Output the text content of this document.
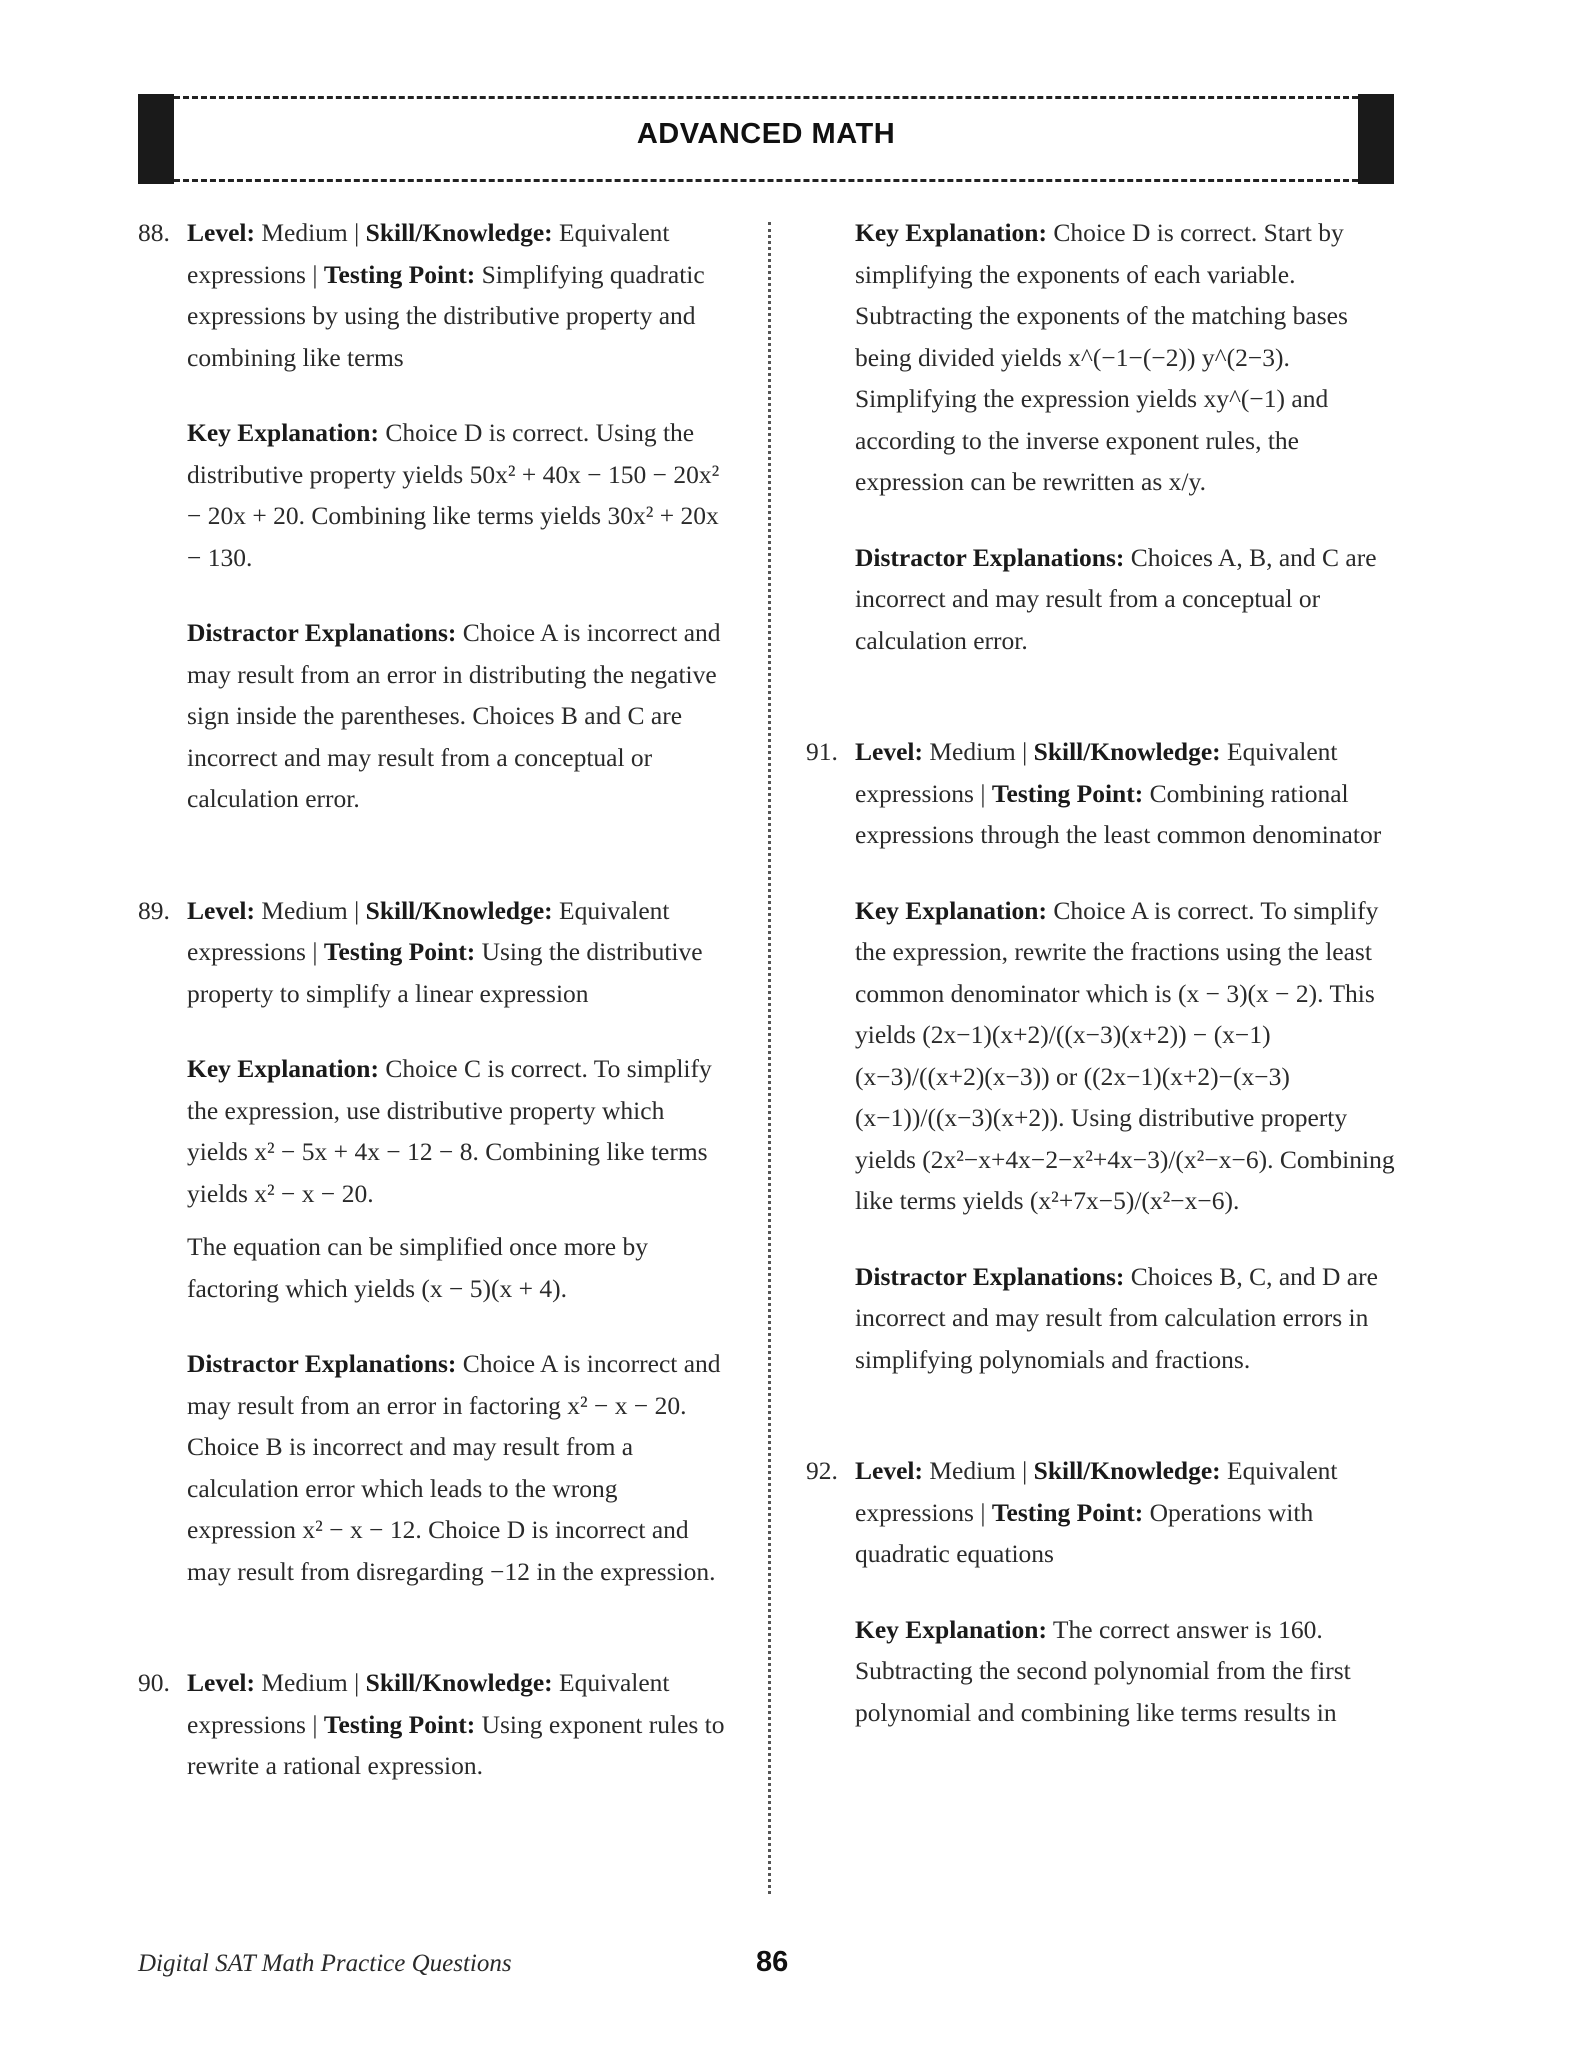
ADVANCED MATH
88. Level: Medium | Skill/Knowledge: Equivalent expressions | Testing Point: Simplifying quadratic expressions by using the distributive property and combining like terms

Key Explanation: Choice D is correct. Using the distributive property yields 50x² + 40x − 150 − 20x² − 20x + 20. Combining like terms yields 30x² + 20x − 130.

Distractor Explanations: Choice A is incorrect and may result from an error in distributing the negative sign inside the parentheses. Choices B and C are incorrect and may result from a conceptual or calculation error.

89. Level: Medium | Skill/Knowledge: Equivalent expressions | Testing Point: Using the distributive property to simplify a linear expression

Key Explanation: Choice C is correct. To simplify the expression, use distributive property which yields x² − 5x + 4x − 12 − 8. Combining like terms yields x² − x − 20.

The equation can be simplified once more by factoring which yields (x − 5)(x + 4).

Distractor Explanations: Choice A is incorrect and may result from an error in factoring x² − x − 20. Choice B is incorrect and may result from a calculation error which leads to the wrong expression x² − x − 12. Choice D is incorrect and may result from disregarding −12 in the expression.

90. Level: Medium | Skill/Knowledge: Equivalent expressions | Testing Point: Using exponent rules to rewrite a rational expression.

Key Explanation: Choice D is correct. Start by simplifying the exponents of each variable. Subtracting the exponents of the matching bases being divided yields x^(−1−(−2)) y^(2−3). Simplifying the expression yields xy^(−1) and according to the inverse exponent rules, the expression can be rewritten as x/y.

Distractor Explanations: Choices A, B, and C are incorrect and may result from a conceptual or calculation error.

91. Level: Medium | Skill/Knowledge: Equivalent expressions | Testing Point: Combining rational expressions through the least common denominator

Key Explanation: Choice A is correct. To simplify the expression, rewrite the fractions using the least common denominator which is (x − 3)(x − 2). This yields (2x−1)(x+2)/((x−3)(x+2)) − (x−1)(x−3)/((x+2)(x−3)) or ((2x−1)(x+2)−(x−3)(x−1))/((x−3)(x+2)). Using distributive property yields (2x²−x+4x−2−x²+4x−3)/(x²−x−6). Combining like terms yields (x²+7x−5)/(x²−x−6).

Distractor Explanations: Choices B, C, and D are incorrect and may result from calculation errors in simplifying polynomials and fractions.

92. Level: Medium | Skill/Knowledge: Equivalent expressions | Testing Point: Operations with quadratic equations

Key Explanation: The correct answer is 160. Subtracting the second polynomial from the first polynomial and combining like terms results in

Digital SAT Math Practice Questions	86
